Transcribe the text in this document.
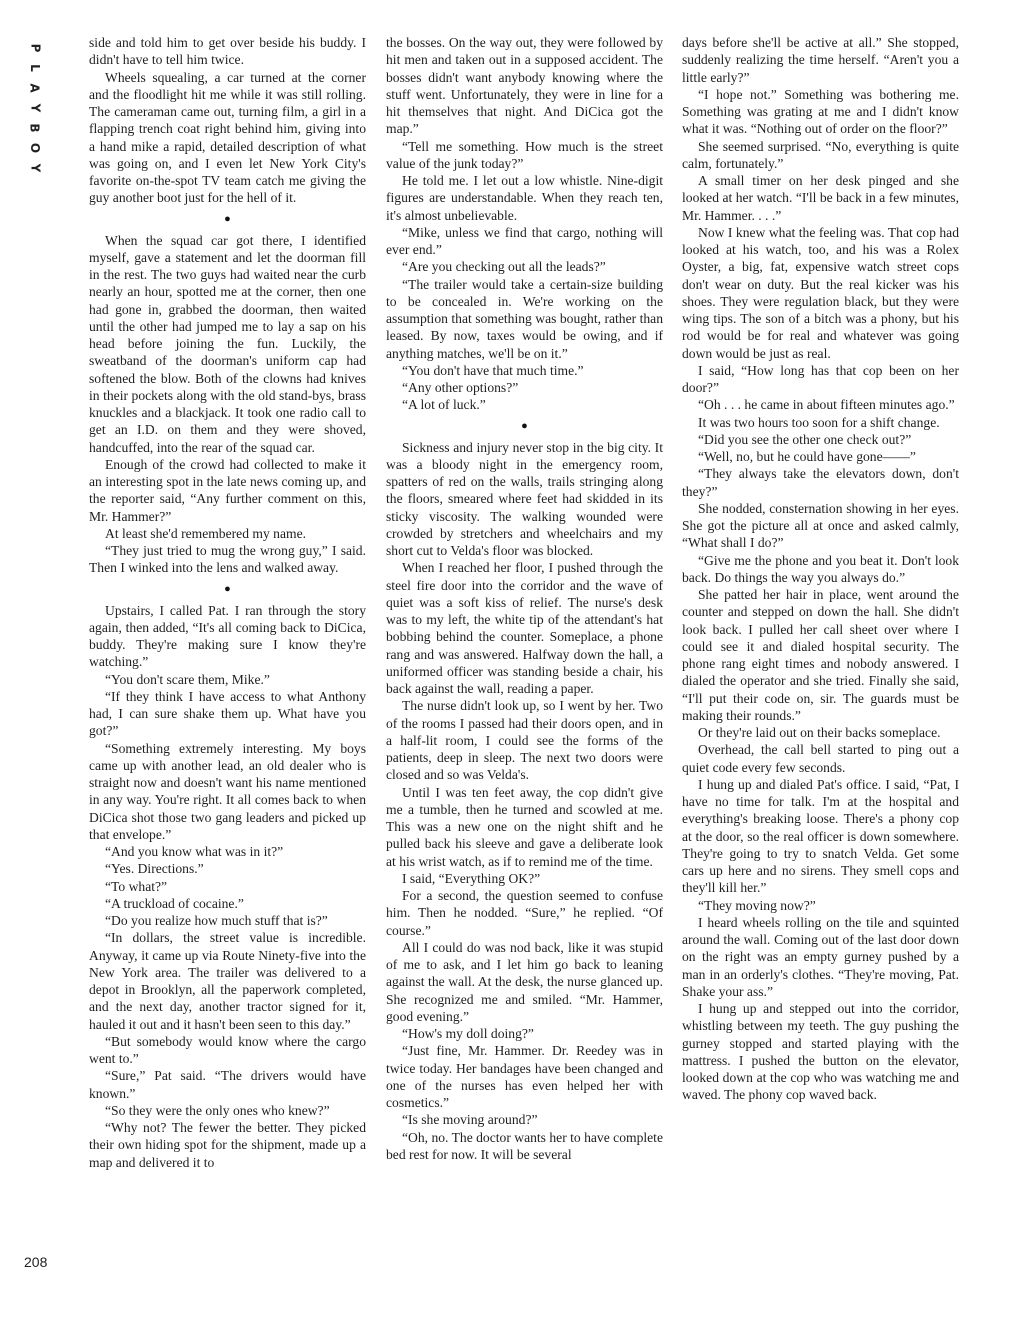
P
L
A
Y
B
O
Y
208

side and told him to get over beside his buddy. I didn't have to tell him twice.

Wheels squealing, a car turned at the corner and the floodlight hit me while it was still rolling. The cameraman came out, turning film, a girl in a flapping trench coat right behind him, giving into a hand mike a rapid, detailed description of what was going on, and I even let New York City's favorite on-the-spot TV team catch me giving the guy another boot just for the hell of it.

●

When the squad car got there, I identified myself, gave a statement and let the doorman fill in the rest. The two guys had waited near the curb nearly an hour, spotted me at the corner, then one had gone in, grabbed the doorman, then waited until the other had jumped me to lay a sap on his head before joining the fun. Luckily, the sweatband of the doorman's uniform cap had softened the blow. Both of the clowns had knives in their pockets along with the old stand-bys, brass knuckles and a blackjack. It took one radio call to get an I.D. on them and they were shoved, handcuffed, into the rear of the squad car.

Enough of the crowd had collected to make it an interesting spot in the late news coming up, and the reporter said, “Any further comment on this, Mr. Hammer?”

At least she'd remembered my name.

“They just tried to mug the wrong guy,” I said. Then I winked into the lens and walked away.

●

Upstairs, I called Pat. I ran through the story again, then added, “It's all coming back to DiCica, buddy. They're making sure I know they're watching.”

“You don't scare them, Mike.”

“If they think I have access to what Anthony had, I can sure shake them up. What have you got?”

“Something extremely interesting. My boys came up with another lead, an old dealer who is straight now and doesn't want his name mentioned in any way. You're right. It all comes back to when DiCica shot those two gang leaders and picked up that envelope.”

“And you know what was in it?”

“Yes. Directions.”

“To what?”

“A truckload of cocaine.”

“Do you realize how much stuff that is?”

“In dollars, the street value is incredible. Anyway, it came up via Route Ninety-five into the New York area. The trailer was delivered to a depot in Brooklyn, all the paperwork completed, and the next day, another tractor signed for it, hauled it out and it hasn't been seen to this day.”

“But somebody would know where the cargo went to.”

“Sure,” Pat said. “The drivers would have known.”

“So they were the only ones who knew?”

“Why not? The fewer the better. They picked their own hiding spot for the shipment, made up a map and delivered it to

the bosses. On the way out, they were followed by hit men and taken out in a supposed accident. The bosses didn't want anybody knowing where the stuff went. Unfortunately, they were in line for a hit themselves that night. And DiCica got the map.”

“Tell me something. How much is the street value of the junk today?”

He told me. I let out a low whistle. Nine-digit figures are understandable. When they reach ten, it's almost unbelievable.

“Mike, unless we find that cargo, nothing will ever end.”

“Are you checking out all the leads?”

“The trailer would take a certain-size building to be concealed in. We're working on the assumption that something was bought, rather than leased. By now, taxes would be owing, and if anything matches, we'll be on it.”

“You don't have that much time.”

“Any other options?”

“A lot of luck.”

●

Sickness and injury never stop in the big city. It was a bloody night in the emergency room, spatters of red on the walls, trails stringing along the floors, smeared where feet had skidded in its sticky viscosity. The walking wounded were crowded by stretchers and wheelchairs and my short cut to Velda's floor was blocked.

When I reached her floor, I pushed through the steel fire door into the corridor and the wave of quiet was a soft kiss of relief. The nurse's desk was to my left, the white tip of the attendant's hat bobbing behind the counter. Someplace, a phone rang and was answered. Halfway down the hall, a uniformed officer was standing beside a chair, his back against the wall, reading a paper.

The nurse didn't look up, so I went by her. Two of the rooms I passed had their doors open, and in a half-lit room, I could see the forms of the patients, deep in sleep. The next two doors were closed and so was Velda's.

Until I was ten feet away, the cop didn't give me a tumble, then he turned and scowled at me. This was a new one on the night shift and he pulled back his sleeve and gave a deliberate look at his wrist watch, as if to remind me of the time.

I said, “Everything OK?”

For a second, the question seemed to confuse him. Then he nodded. “Sure,” he replied. “Of course.”

All I could do was nod back, like it was stupid of me to ask, and I let him go back to leaning against the wall. At the desk, the nurse glanced up. She recognized me and smiled. “Mr. Hammer, good evening.”

“How's my doll doing?”

“Just fine, Mr. Hammer. Dr. Reedey was in twice today. Her bandages have been changed and one of the nurses has even helped her with cosmetics.”

“Is she moving around?”

“Oh, no. The doctor wants her to have complete bed rest for now. It will be several

days before she'll be active at all.” She stopped, suddenly realizing the time herself. “Aren't you a little early?”

“I hope not.” Something was bothering me. Something was grating at me and I didn't know what it was. “Nothing out of order on the floor?”

She seemed surprised. “No, everything is quite calm, fortunately.”

A small timer on her desk pinged and she looked at her watch. “I'll be back in a few minutes, Mr. Hammer. . . .”

Now I knew what the feeling was. That cop had looked at his watch, too, and his was a Rolex Oyster, a big, fat, expensive watch street cops don't wear on duty. But the real kicker was his shoes. They were regulation black, but they were wing tips. The son of a bitch was a phony, but his rod would be for real and whatever was going down would be just as real.

I said, “How long has that cop been on her door?”

“Oh . . . he came in about fifteen minutes ago.”

It was two hours too soon for a shift change.

“Did you see the other one check out?”

“Well, no, but he could have gone——”

“They always take the elevators down, don't they?”

She nodded, consternation showing in her eyes. She got the picture all at once and asked calmly, “What shall I do?”

“Give me the phone and you beat it. Don't look back. Do things the way you always do.”

She patted her hair in place, went around the counter and stepped on down the hall. She didn't look back. I pulled her call sheet over where I could see it and dialed hospital security. The phone rang eight times and nobody answered. I dialed the operator and she tried. Finally she said, “I'll put their code on, sir. The guards must be making their rounds.”

Or they're laid out on their backs someplace.

Overhead, the call bell started to ping out a quiet code every few seconds.

I hung up and dialed Pat's office. I said, “Pat, I have no time for talk. I'm at the hospital and everything's breaking loose. There's a phony cop at the door, so the real officer is down somewhere. They're going to try to snatch Velda. Get some cars up here and no sirens. They smell cops and they'll kill her.”

“They moving now?”

I heard wheels rolling on the tile and squinted around the wall. Coming out of the last door down on the right was an empty gurney pushed by a man in an orderly's clothes. “They're moving, Pat. Shake your ass.”

I hung up and stepped out into the corridor, whistling between my teeth. The guy pushing the gurney stopped and started playing with the mattress. I pushed the button on the elevator, looked down at the cop who was watching me and waved. The phony cop waved back.
